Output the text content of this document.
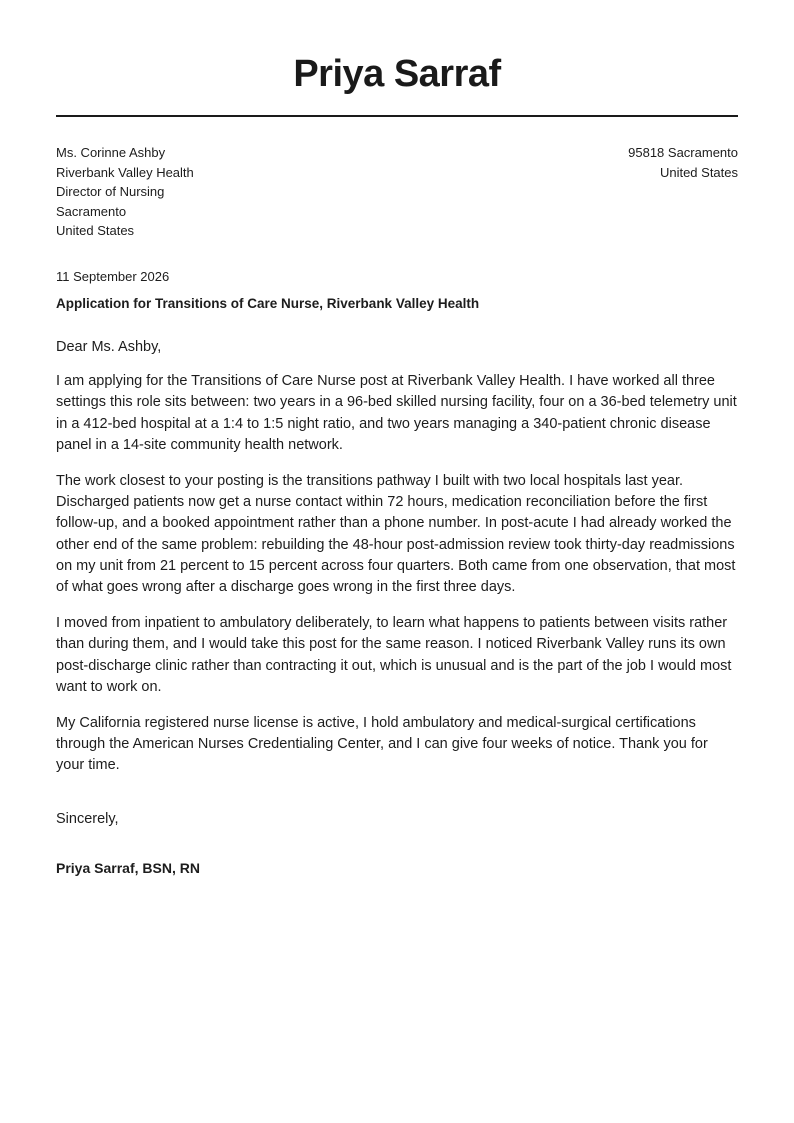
Priya Sarraf
Ms. Corinne Ashby
Riverbank Valley Health
Director of Nursing
Sacramento
United States
95818 Sacramento
United States
11 September 2026
Application for Transitions of Care Nurse, Riverbank Valley Health
Dear Ms. Ashby,

I am applying for the Transitions of Care Nurse post at Riverbank Valley Health. I have worked all three settings this role sits between: two years in a 96-bed skilled nursing facility, four on a 36-bed telemetry unit in a 412-bed hospital at a 1:4 to 1:5 night ratio, and two years managing a 340-patient chronic disease panel in a 14-site community health network.

The work closest to your posting is the transitions pathway I built with two local hospitals last year. Discharged patients now get a nurse contact within 72 hours, medication reconciliation before the first follow-up, and a booked appointment rather than a phone number. In post-acute I had already worked the other end of the same problem: rebuilding the 48-hour post-admission review took thirty-day readmissions on my unit from 21 percent to 15 percent across four quarters. Both came from one observation, that most of what goes wrong after a discharge goes wrong in the first three days.

I moved from inpatient to ambulatory deliberately, to learn what happens to patients between visits rather than during them, and I would take this post for the same reason. I noticed Riverbank Valley runs its own post-discharge clinic rather than contracting it out, which is unusual and is the part of the job I would most want to work on.

My California registered nurse license is active, I hold ambulatory and medical-surgical certifications through the American Nurses Credentialing Center, and I can give four weeks of notice. Thank you for your time.

Sincerely,
Priya Sarraf, BSN, RN
